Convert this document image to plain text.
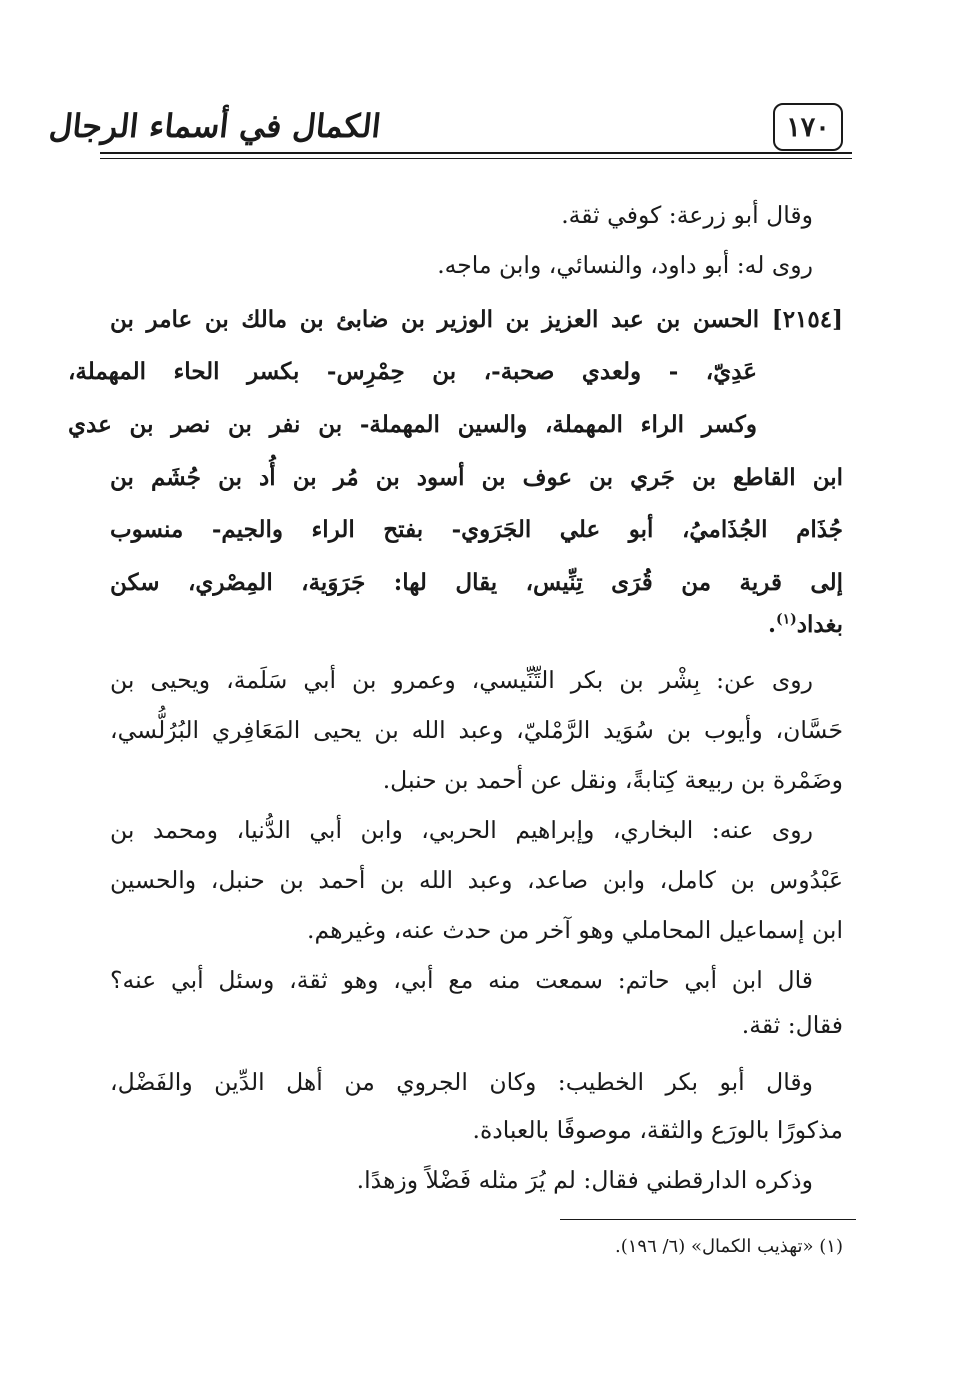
١٧٠
الكمال في أسماء الرجال
وقال أبو زرعة: كوفي ثقة.
روى له: أبو داود، والنسائي، وابن ماجه.
[٢١٥٤] الحسن بن عبد العزيز بن الوزير بن ضابئ بن مالك بن عامر بن
عَدِيّ، - ولعدي صحبة-، بن حِمْرِس- بكسر الحاء المهملة،
وكسر الراء المهملة، والسين المهملة- بن نفر بن نصر بن عدي
ابن القاطع بن جَري بن عوف بن أسود بن مُر بن أُد بن جُشَم بن
جُذَام الجُذَاميُ، أبو علي الجَرَوي- بفتح الراء والجيم- منسوب
إلى قرية من قُرَى تِنِّيس، يقال لها: جَرَوَية، المِصْري، سكن
بغداد$^{(١)}$.
روى عن: بِشْر بن بكر التِّنِّيسي، وعمرو بن أبي سَلَمة، ويحيى بن
حَسَّان، وأيوب بن سُوَيد الرَّمْليّ، وعبد الله بن يحيى المَعَافِري البُرُلُّسي،
وضَمْرة بن ربيعة كِتابةً، ونقل عن أحمد بن حنبل.
روى عنه: البخاري، وإبراهيم الحربي، وابن أبي الدُّنيا، ومحمد بن
عَبْدُوس بن كامل، وابن صاعد، وعبد الله بن أحمد بن حنبل، والحسين
ابن إسماعيل المحاملي وهو آخر من حدث عنه، وغيرهم.
قال ابن أبي حاتم: سمعت منه مع أبي، وهو ثقة، وسئل أبي عنه؟
فقال: ثقة.
وقال أبو بكر الخطيب: وكان الجروي من أهل الدِّين والفَضْل،
مذكورًا بالورَع والثقة، موصوفًا بالعبادة.
وذكره الدارقطني فقال: لم يُرَ مثله فَضْلاً وزهدًا.
(١) «تهذيب الكمال» (٦/ ١٩٦).
